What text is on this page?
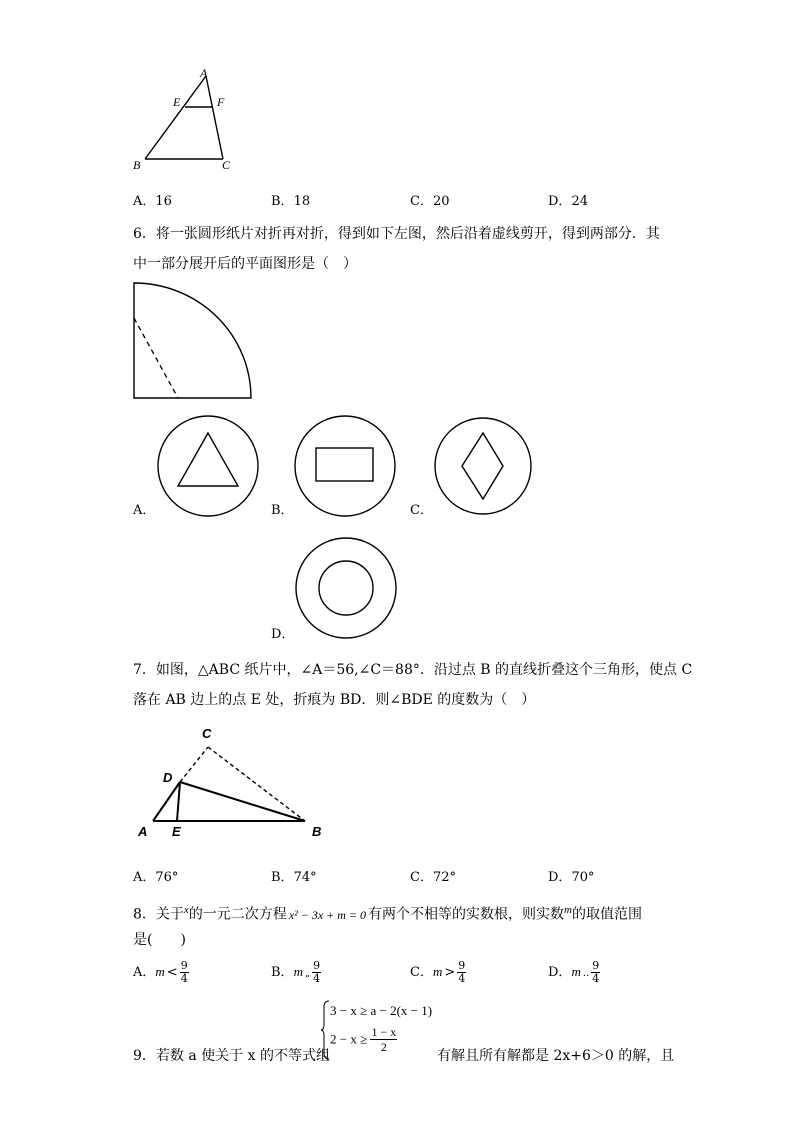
A
E	F
B	C
A．16	B．18	C．20	D．24
6．将一张圆形纸片对折再对折，得到如下左图，然后沿着虚线剪开，得到两部分．其
中一部分展开后的平面图形是（　）
A．	B．	C．
D．
7．如图，△ABC 纸片中，∠A＝56,∠C＝88°．沿过点 B 的直线折叠这个三角形，使点 C
落在 AB 边上的点 E 处，折痕为 BD．则∠BDE 的度数为（　）
C
D
A E	B
A．76°	B．74°	C．72°	D．70°
8．关于$^x$的一元二次方程 x² − 3x + m = 0 有两个不相等的实数根，则实数$^m$的取值范围
是(　　)
A．$m < \frac{9}{4}$	B．m „ $\frac{9}{4}$	C．$m > \frac{9}{4}$	D．m .. $\frac{9}{4}$
9．若数 a 使关于 x 的不等式组
3 − x ≥ a − 2(x − 1)
$2 - x \ge \frac{1 - x}{2}$
有解且所有解都是 2x+6＞0 的解，且
